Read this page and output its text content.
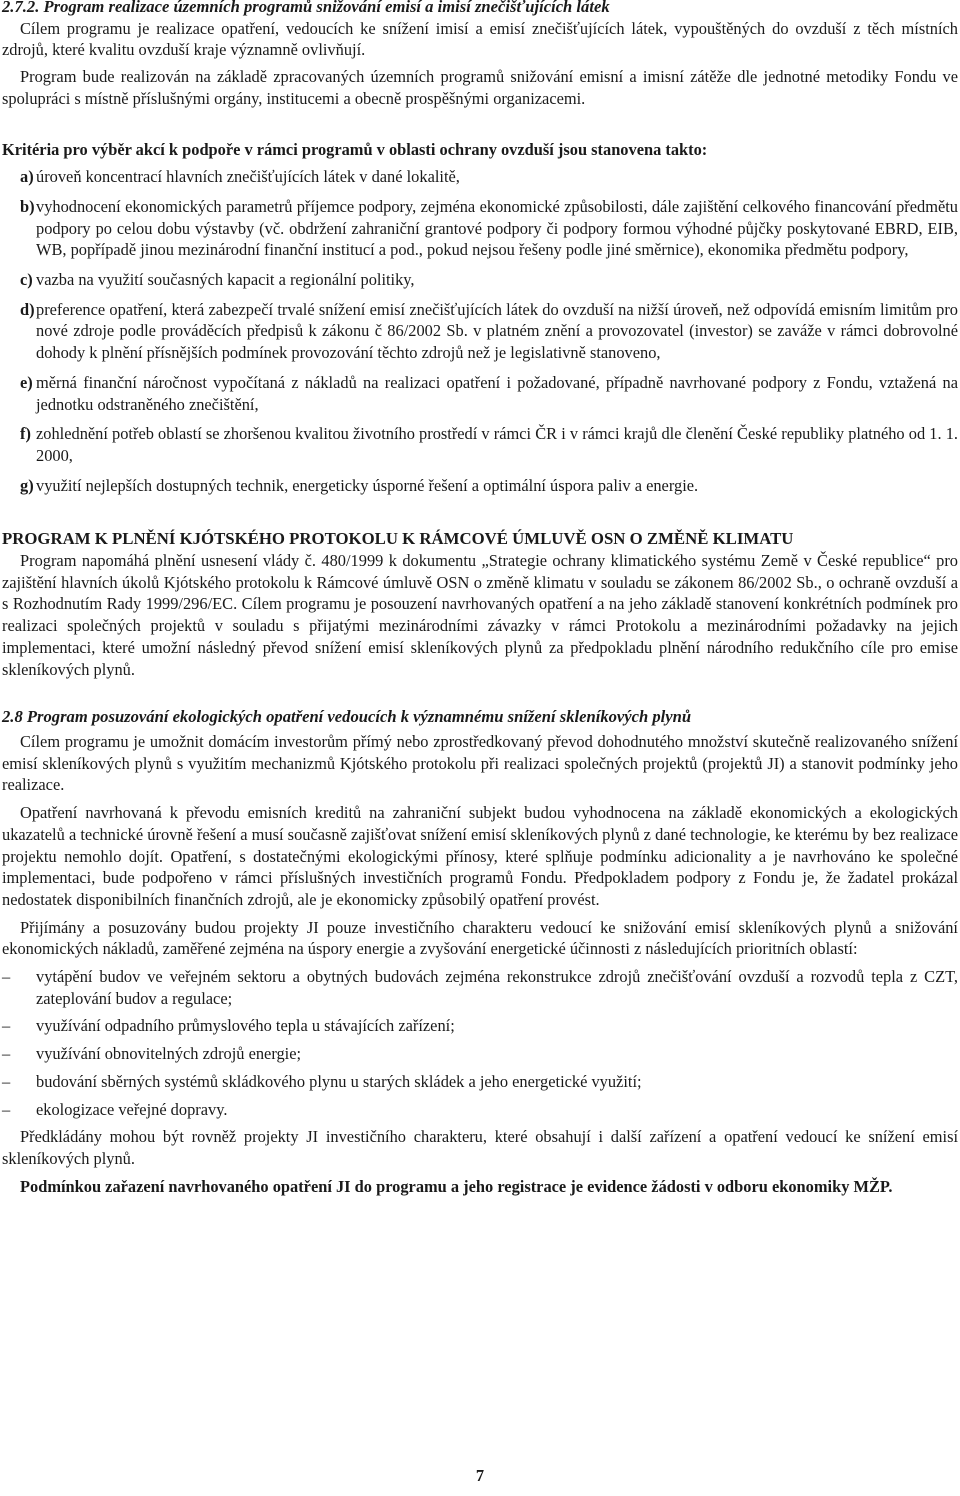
2.7.2. Program realizace územních programů snižování emisí a imisí znečišťujících látek

Cílem programu je realizace opatření, vedoucích ke snížení imisí a emisí znečišťujících látek, vypouštěných do ovzduší z těch místních zdrojů, které kvalitu ovzduší kraje významně ovlivňují.

Program bude realizován na základě zpracovaných územních programů snižování emisní a imisní zátěže dle jednotné metodiky Fondu ve spolupráci s místně příslušnými orgány, institucemi a obecně prospěšnými organizacemi.

Kritéria pro výběr akcí k podpoře v rámci programů v oblasti ochrany ovzduší jsou stanovena takto:

a) úroveň koncentrací hlavních znečišťujících látek v dané lokalitě,
b) vyhodnocení ekonomických parametrů příjemce podpory, zejména ekonomické způsobilosti, dále zajištění celkového financování předmětu podpory po celou dobu výstavby (vč. obdržení zahraniční grantové podpory či podpory formou výhodné půjčky poskytované EBRD, EIB, WB, popřípadě jinou mezinárodní finanční institucí a pod., pokud nejsou řešeny podle jiné směrnice), ekonomika předmětu podpory,
c) vazba na využití současných kapacit a regionální politiky,
d) preference opatření, která zabezpečí trvalé snížení emisí znečišťujících látek do ovzduší na nižší úroveň, než odpovídá emisním limitům pro nové zdroje podle prováděcích předpisů k zákonu č 86/2002 Sb. v platném znění a provozovatel (investor) se zaváže v rámci dobrovolné dohody k plnění přísnějších podmínek provozování těchto zdrojů než je legislativně stanoveno,
e) měrná finanční náročnost vypočítaná z nákladů na realizaci opatření i požadované, případně navrhované podpory z Fondu, vztažená na jednotku odstraněného znečištění,
f) zohlednění potřeb oblastí se zhoršenou kvalitou životního prostředí v rámci ČR i v rámci krajů dle členění České republiky platného od 1. 1. 2000,
g) využití nejlepších dostupných technik, energeticky úsporné řešení a optimální úspora paliv a energie.

PROGRAM K PLNĚNÍ KJÓTSKÉHO PROTOKOLU K RÁMCOVÉ ÚMLUVĚ OSN O ZMĚNĚ KLIMATU

Program napomáhá plnění usnesení vlády č. 480/1999 k dokumentu „Strategie ochrany klimatického systému Země v České republice“ pro zajištění hlavních úkolů Kjótského protokolu k Rámcové úmluvě OSN o změně klimatu v souladu se zákonem 86/2002 Sb., o ochraně ovzduší a s Rozhodnutím Rady 1999/296/EC. Cílem programu je posouzení navrhovaných opatření a na jeho základě stanovení konkrétních podmínek pro realizaci společných projektů v souladu s přijatými mezinárodními závazky v rámci Protokolu a mezinárodními požadavky na jejich implementaci, které umožní následný převod snížení emisí skleníkových plynů za předpokladu plnění národního redukčního cíle pro emise skleníkových plynů.

2.8 Program posuzování ekologických opatření vedoucích k významnému snížení skleníkových plynů

Cílem programu je umožnit domácím investorům přímý nebo zprostředkovaný převod dohodnutého množství skutečně realizovaného snížení emisí skleníkových plynů s využitím mechanizmů Kjótského protokolu při realizaci společných projektů (projektů JI) a stanovit podmínky jeho realizace.

Opatření navrhovaná k převodu emisních kreditů na zahraniční subjekt budou vyhodnocena na základě ekonomických a ekologických ukazatelů a technické úrovně řešení a musí současně zajišťovat snížení emisí skleníkových plynů z dané technologie, ke kterému by bez realizace projektu nemohlo dojít. Opatření, s dostatečnými ekologickými přínosy, které splňuje podmínku adicionality a je navrhováno ke společné implementaci, bude podpořeno v rámci příslušných investičních programů Fondu. Předpokladem podpory z Fondu je, že žadatel prokázal nedostatek disponibilních finančních zdrojů, ale je ekonomicky způsobilý opatření provést.

Přijímány a posuzovány budou projekty JI pouze investičního charakteru vedoucí ke snižování emisí skleníkových plynů a snižování ekonomických nákladů, zaměřené zejména na úspory energie a zvyšování energetické účinnosti z následujících prioritních oblastí:

–	vytápění budov ve veřejném sektoru a obytných budovách zejména rekonstrukce zdrojů znečišťování ovzduší a rozvodů tepla z CZT, zateplování budov a regulace;
–	využívání odpadního průmyslového tepla u stávajících zařízení;
–	využívání obnovitelných zdrojů energie;
–	budování sběrných systémů skládkového plynu u starých skládek a jeho energetické využití;
–	ekologizace veřejné dopravy.

Předkládány mohou být rovněž projekty JI investičního charakteru, které obsahují i další zařízení a opatření vedoucí ke snížení emisí skleníkových plynů.

Podmínkou zařazení navrhovaného opatření JI do programu a jeho registrace je evidence žádosti v odboru ekonomiky MŽP.

7
